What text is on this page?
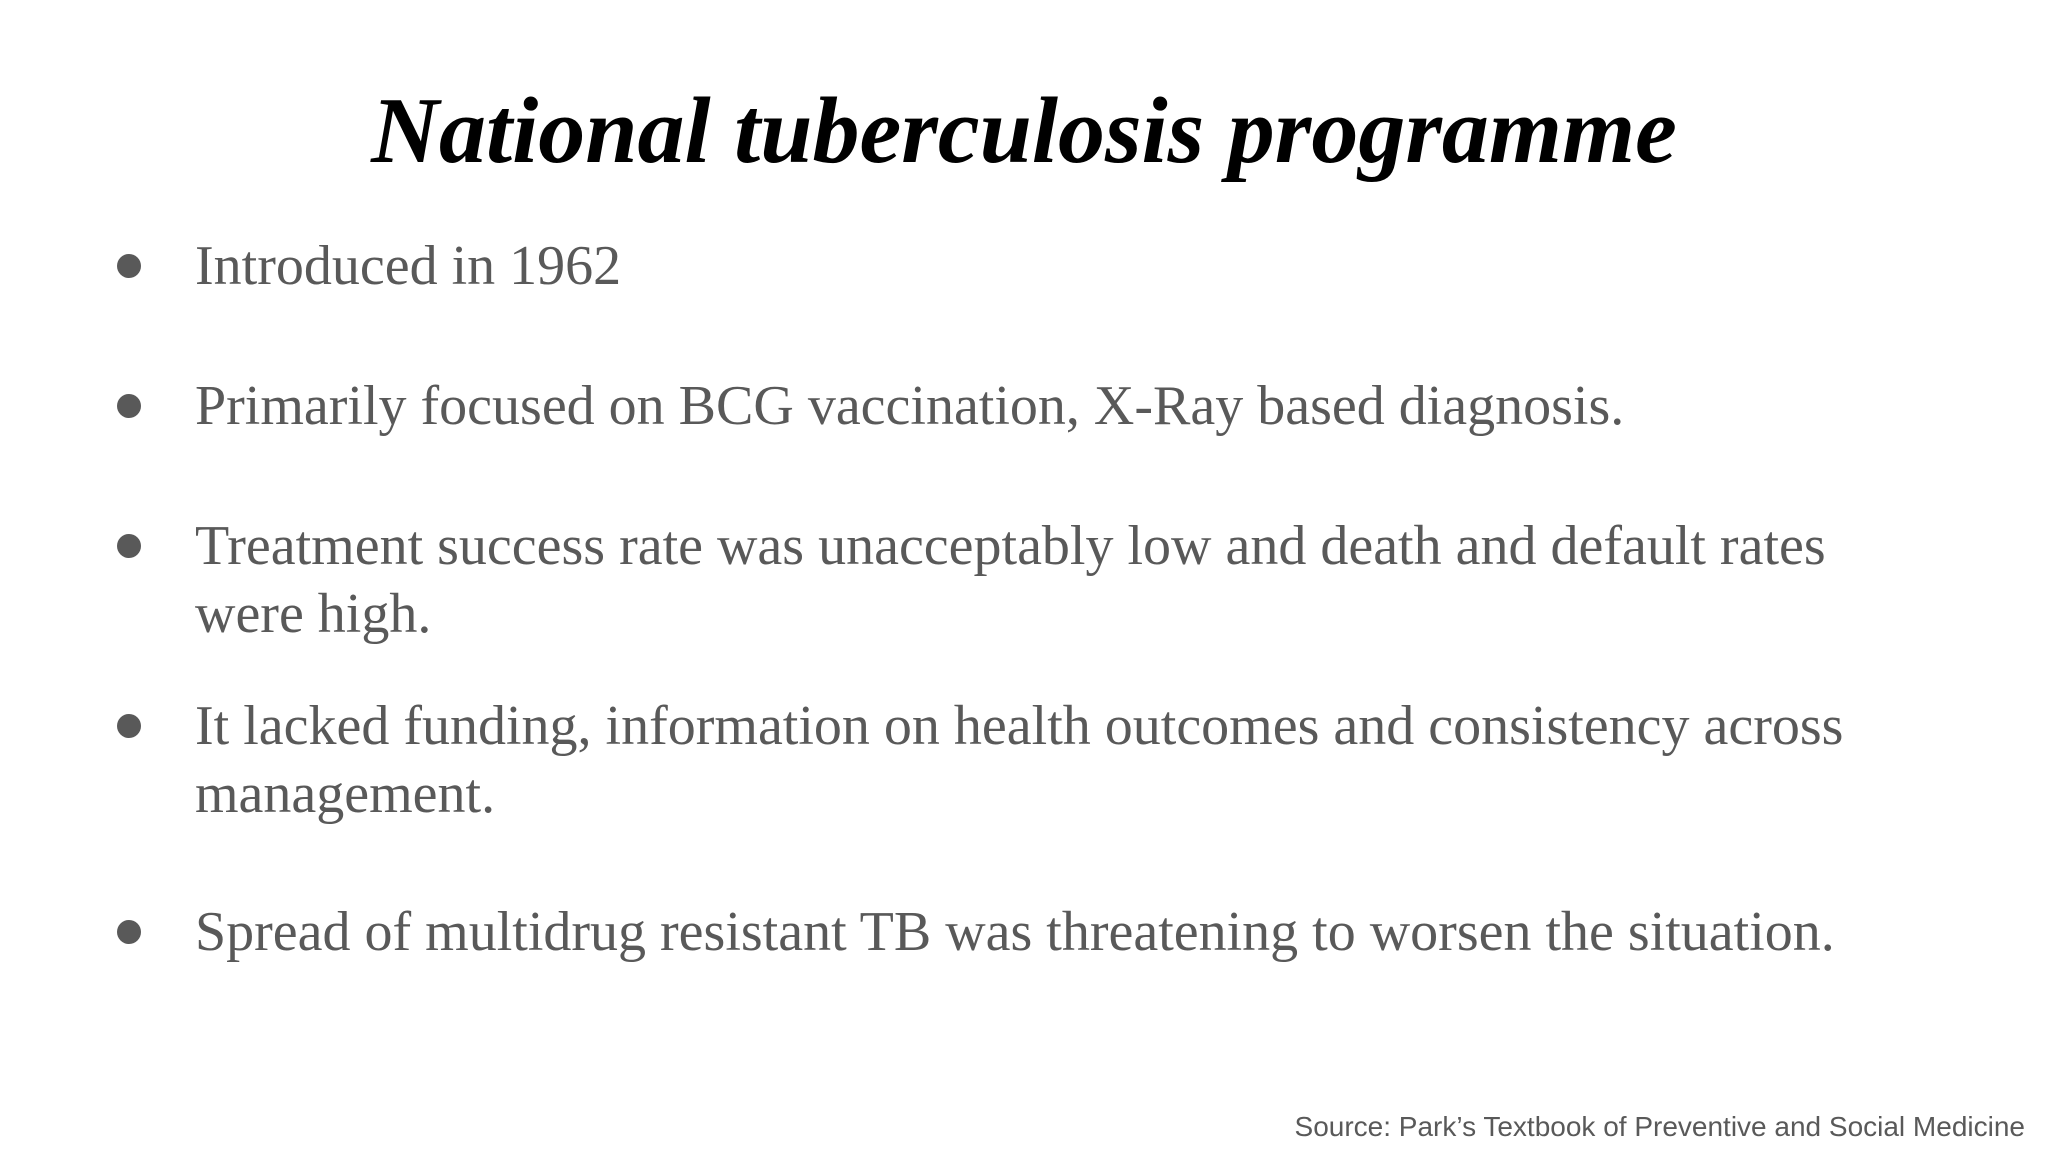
National tuberculosis programme
Introduced in 1962
Primarily focused on BCG vaccination, X-Ray based diagnosis.
Treatment success rate was unacceptably low and death and default rates were high.
It lacked funding, information on health outcomes and consistency across management.
Spread of multidrug resistant TB was threatening to worsen the situation.
Source: Park’s Textbook of Preventive and Social Medicine
